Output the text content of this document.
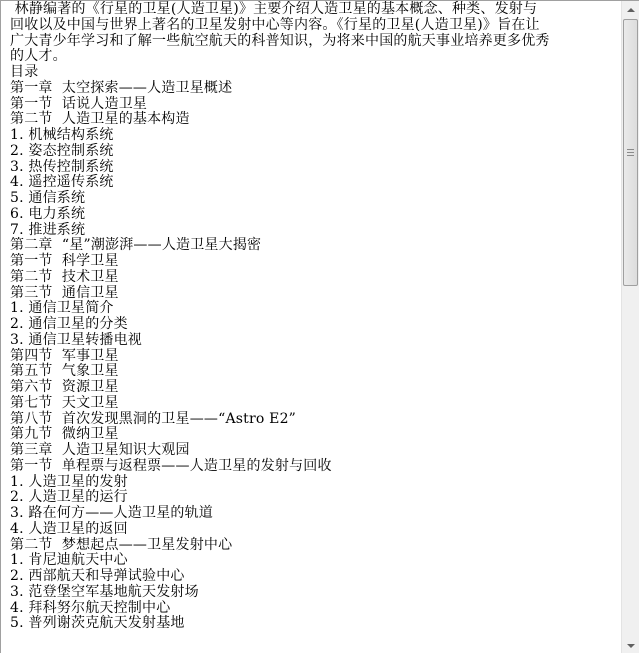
林静编著的《行星的卫星(人造卫星)》主要介绍人造卫星的基本概念、种类、发射与
回收以及中国与世界上著名的卫星发射中心等内容。《行星的卫星(人造卫星)》旨在让
广大青少年学习和了解一些航空航天的科普知识，为将来中国的航天事业培养更多优秀
的人才。
目录
第一章  太空探索——人造卫星概述
第一节  话说人造卫星
第二节  人造卫星的基本构造
1. 机械结构系统
2. 姿态控制系统
3. 热传控制系统
4. 遥控遥传系统
5. 通信系统
6. 电力系统
7. 推进系统
第二章  “星”潮澎湃——人造卫星大揭密
第一节  科学卫星
第二节  技术卫星
第三节  通信卫星
1. 通信卫星简介
2. 通信卫星的分类
3. 通信卫星转播电视
第四节  军事卫星
第五节  气象卫星
第六节  资源卫星
第七节  天文卫星
第八节  首次发现黑洞的卫星——“Astro E2”
第九节  微纳卫星
第三章  人造卫星知识大观园
第一节  单程票与返程票——人造卫星的发射与回收
1. 人造卫星的发射
2. 人造卫星的运行
3. 路在何方——人造卫星的轨道
4. 人造卫星的返回
第二节  梦想起点——卫星发射中心
1. 肯尼迪航天中心
2. 西部航天和导弹试验中心
3. 范登堡空军基地航天发射场
4. 拜科努尔航天控制中心
5. 普列谢茨克航天发射基地
